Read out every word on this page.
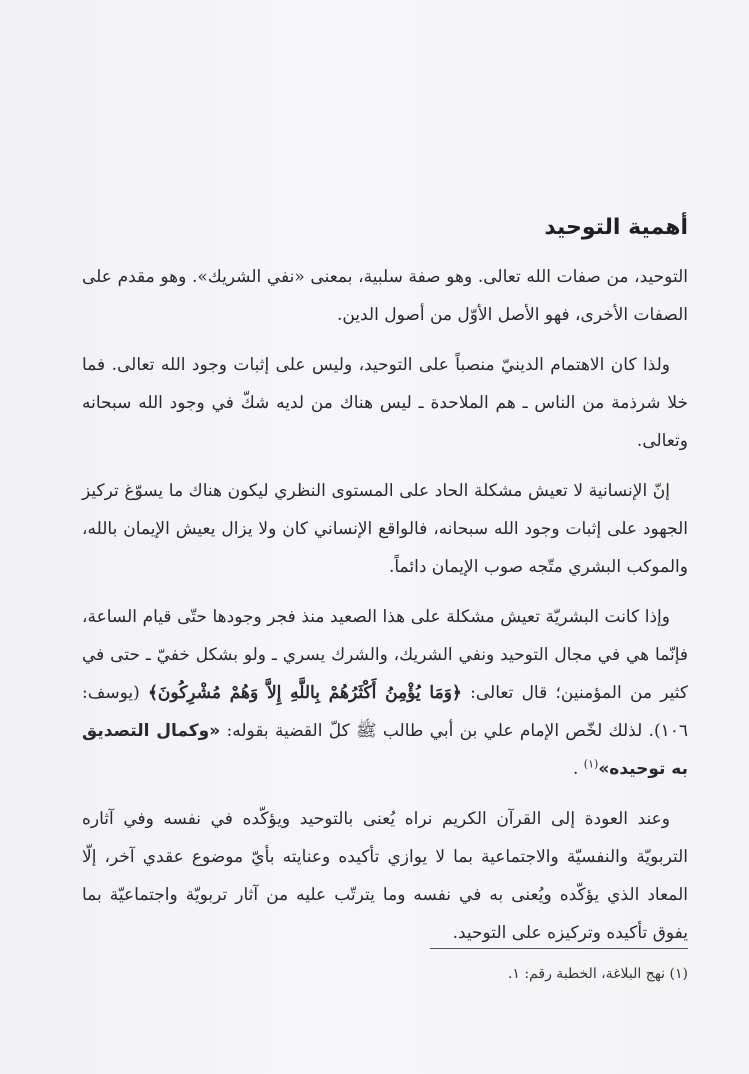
أهمية التوحيد

التوحيد، من صفات الله تعالى. وهو صفة سلبية، بمعنى «نفي الشريك». وهو مقدم على الصفات الأخرى، فهو الأصل الأوّل من أصول الدين.

ولذا كان الاهتمام الدينيّ منصباً على التوحيد، وليس على إثبات وجود الله تعالى. فما خلا شرذمة من الناس ـ هم الملاحدة ـ ليس هناك من لديه شكّ في وجود الله سبحانه وتعالى.

إنّ الإنسانية لا تعيش مشكلة الحاد على المستوى النظري ليكون هناك ما يسوّغ تركيز الجهود على إثبات وجود الله سبحانه، فالواقع الإنساني كان ولا يزال يعيش الإيمان بالله، والموكب البشري متّجه صوب الإيمان دائماً.

وإذا كانت البشريّة تعيش مشكلة على هذا الصعيد منذ فجر وجودها حتّى قيام الساعة، فإنّما هي في مجال التوحيد ونفي الشريك، والشرك يسري ـ ولو بشكل خفيّ ـ حتى في كثير من المؤمنين؛ قال تعالى: ﴿وَمَا يُؤْمِنُ أَكْثَرُهُمْ بِاللَّهِ إِلاَّ وَهُمْ مُشْرِكُونَ﴾ (يوسف: ١٠٦). لذلك لخّص الإمام علي بن أبي طالب ﷺ كلّ القضية بقوله: «وكمال التصديق به توحيده»$^{(١)}$ .

وعند العودة إلى القرآن الكريم نراه يُعنى بالتوحيد ويؤكّده في نفسه وفي آثاره التربويّة والنفسيّة والاجتماعية بما لا يوازي تأكيده وعنايته بأيّ موضوع عقدي آخر، إلّا المعاد الذي يؤكّده ويُعنى به في نفسه وما يترتّب عليه من آثار تربويّة واجتماعيّة بما يفوق تأكيده وتركيزه على التوحيد.

(١) نهج البلاغة، الخطبة رقم: ١.
